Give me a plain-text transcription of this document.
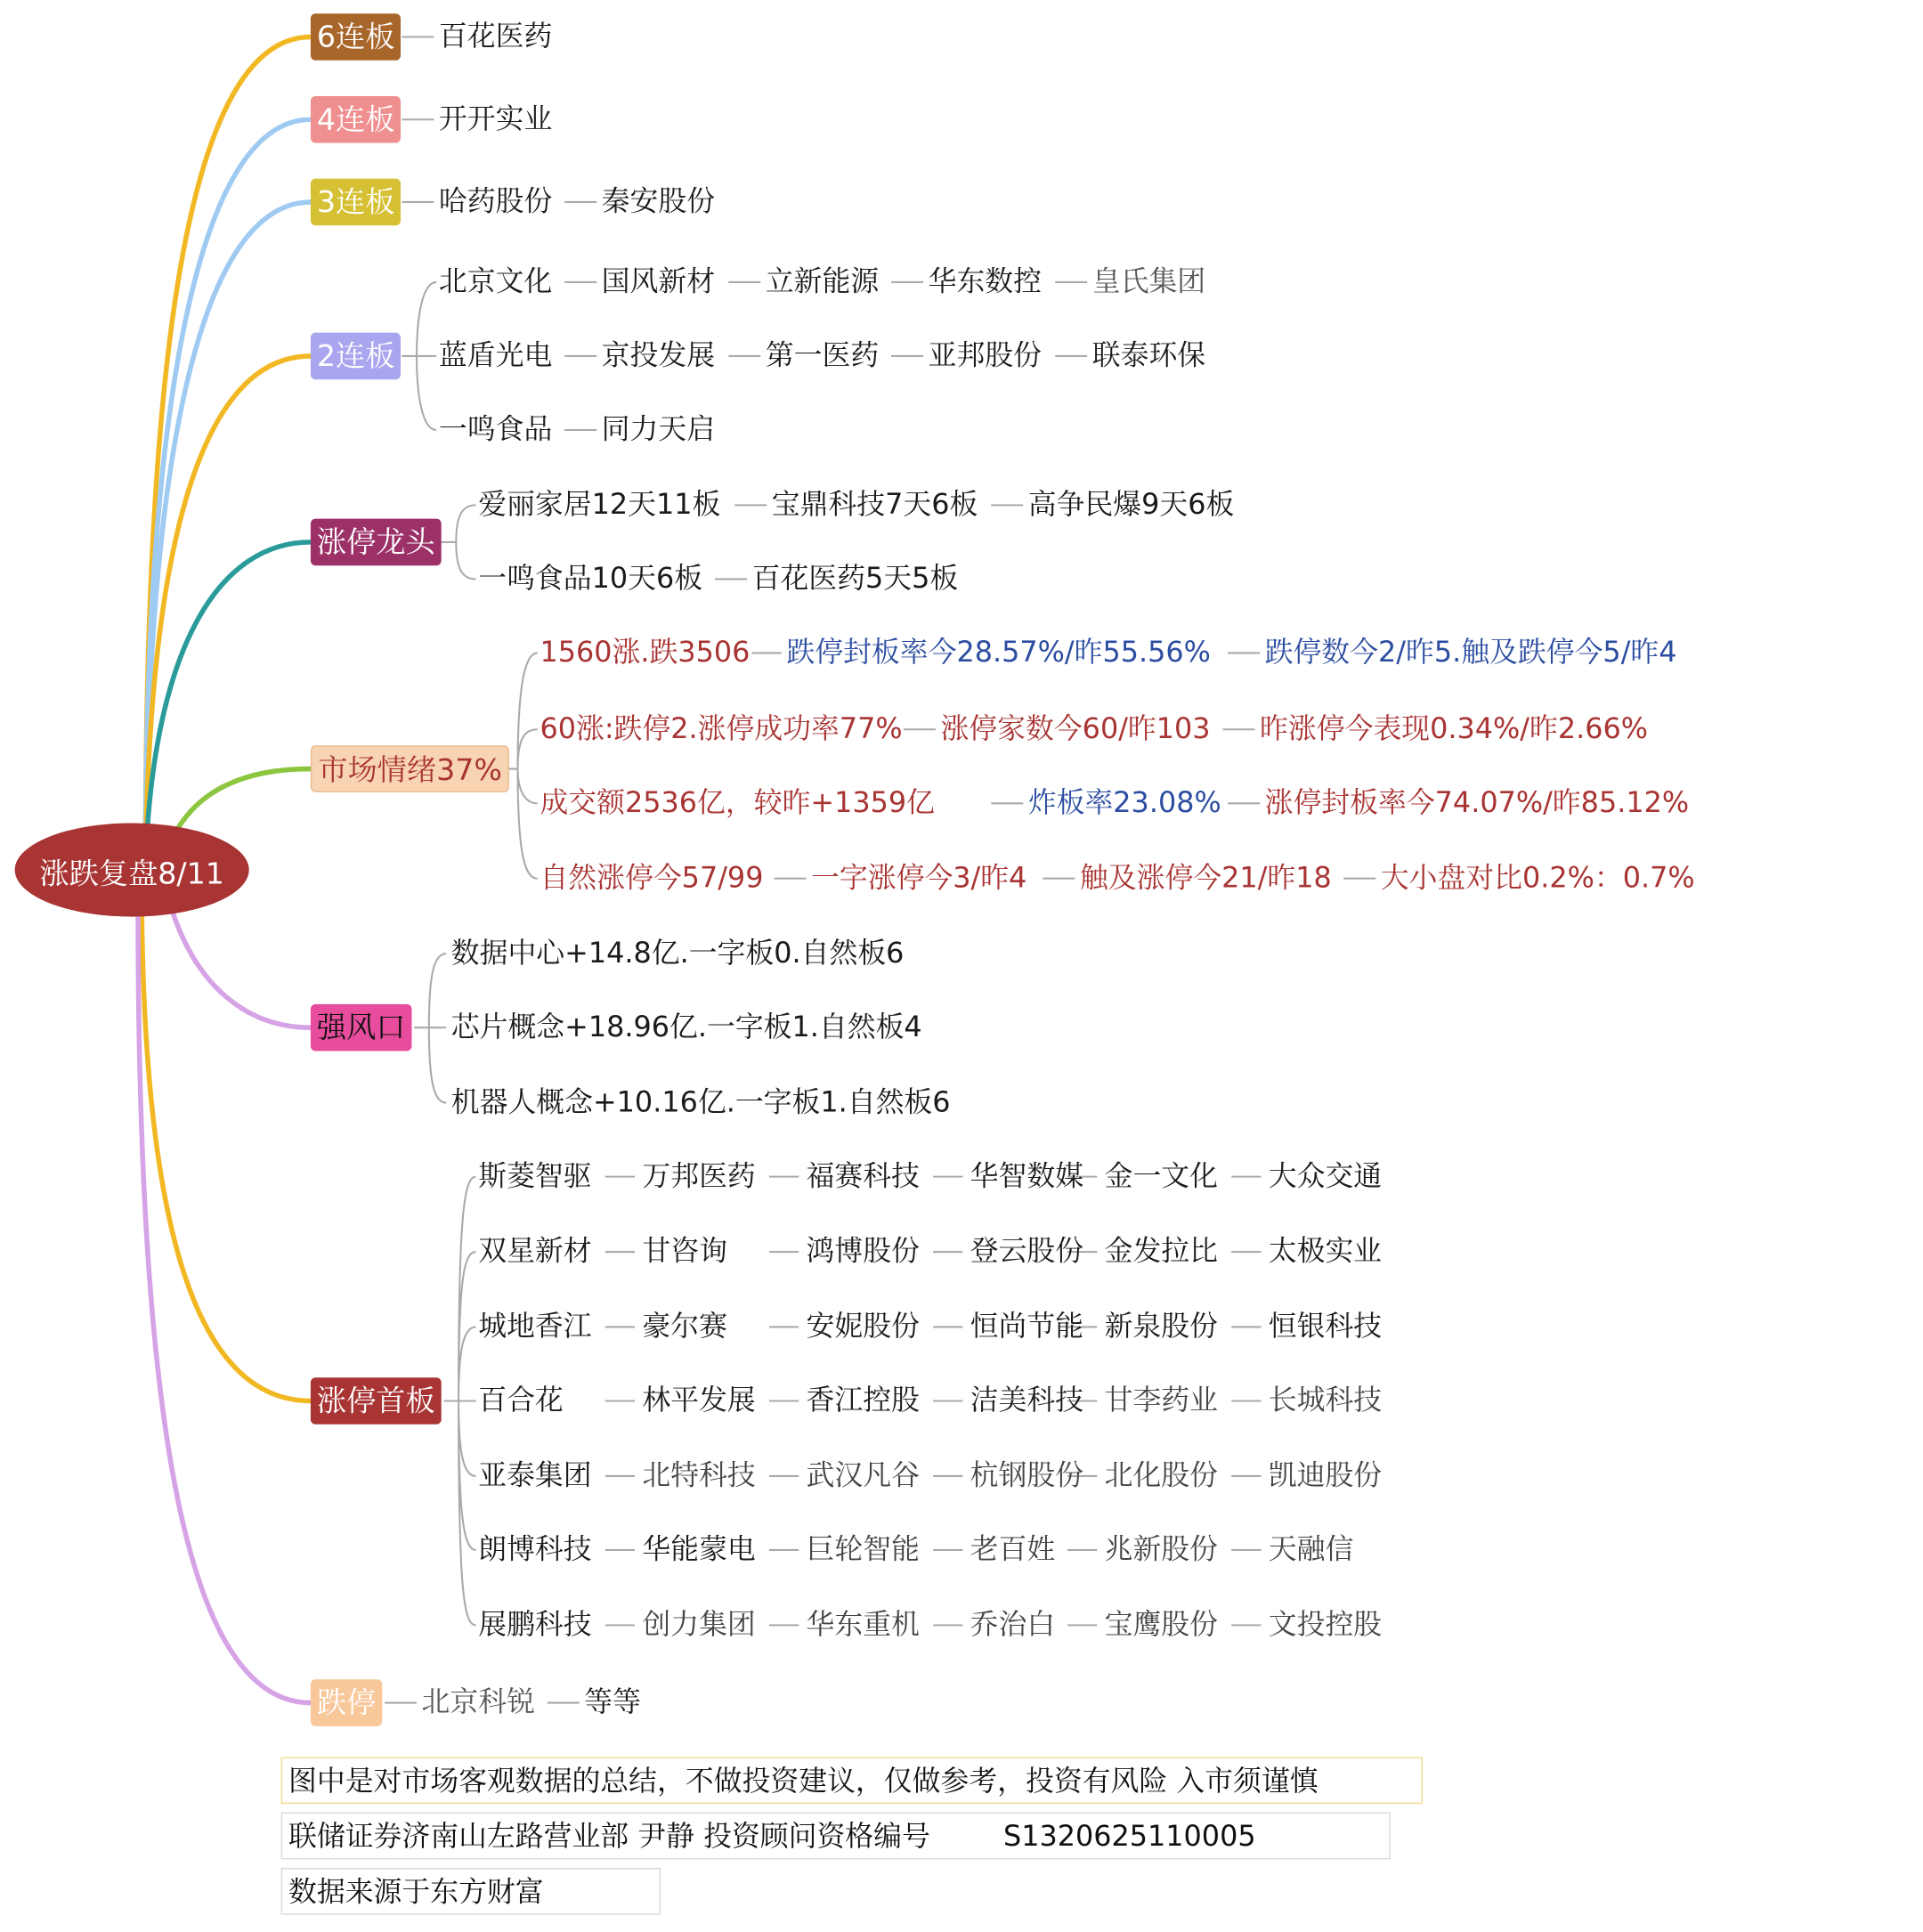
涨跌复盘8/11
6连板	百花医药
4连板	开开实业
3连板	哈药股份 秦安股份
2连板
北京文化 国风新材 立新能源 华东数控 皇氏集团
蓝盾光电 京投发展 第一医药 亚邦股份 联泰环保
一鸣食品 同力天启
涨停龙头
爱丽家居12天11板 宝鼎科技7天6板 高争民爆9天6板
一鸣食品10天6板 百花医药5天5板
市场情绪37%
1560涨.跌3506 跌停封板率今28.57%/昨55.56%	跌停数今2/昨5.触及跌停今5/昨4
60涨:跌停2.涨停成功率77% 涨停家数今60/昨103 昨涨停今表现0.34%/昨2.66%
成交额2536亿，较昨+1359亿	炸板率23.08% 涨停封板率今74.07%/昨85.12%
自然涨停今57/99 一字涨停今3/昨4	触及涨停今21/昨18 大小盘对比0.2%：0.7%
强风口
数据中心+14.8亿.一字板0.自然板6
芯片概念+18.96亿.一字板1.自然板4
机器人概念+10.16亿.一字板1.自然板6
涨停首板
斯菱智驱 万邦医药 福赛科技 华智数媒 金一文化 大众交通
双星新材 甘咨询	鸿博股份 登云股份 金发拉比 太极实业
城地香江 豪尔赛	安妮股份 恒尚节能 新泉股份 恒银科技
百合花	林平发展 香江控股 洁美科技 甘李药业 长城科技
亚泰集团 北特科技 武汉凡谷 杭钢股份 北化股份 凯迪股份
朗博科技 华能蒙电 巨轮智能 老百姓 兆新股份 天融信
展鹏科技 创力集团 华东重机 乔治白 宝鹰股份 文投控股
跌停	北京科锐 等等
图中是对市场客观数据的总结，不做投资建议，仅做参考，投资有风险 入市须谨慎
联储证券济南山左路营业部 尹静 投资顾问资格编号	S1320625110005
数据来源于东方财富
